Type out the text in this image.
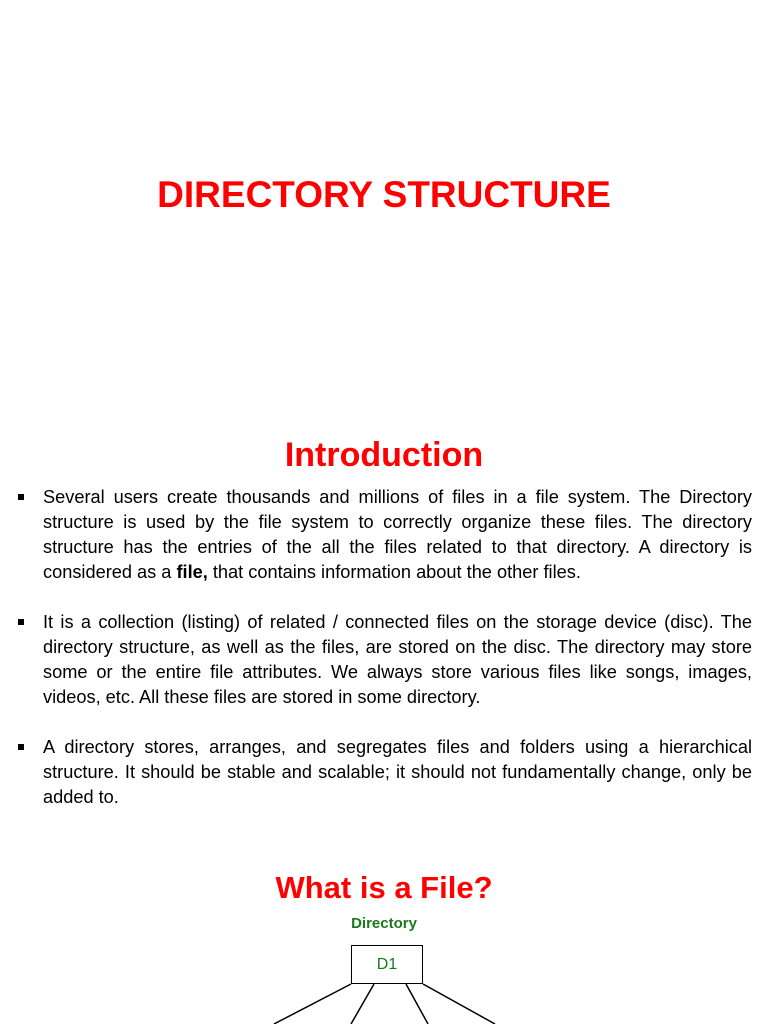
DIRECTORY STRUCTURE
Introduction
Several users create thousands and millions of files in a file system. The Directory structure is used by the file system to correctly organize these files. The directory structure has the entries of the all the files related to that directory. A directory is considered as a file, that contains information about the other files.
It is a collection (listing) of related / connected files on the storage device (disc). The directory structure, as well as the files, are stored on the disc. The directory may store some or the entire file attributes. We always store various files like songs, images, videos, etc. All these files are stored in some directory.
A directory stores, arranges, and segregates files and folders using a hierarchical structure. It should be stable and scalable; it should not fundamentally change, only be added to.
What is a File?
Directory
D1
